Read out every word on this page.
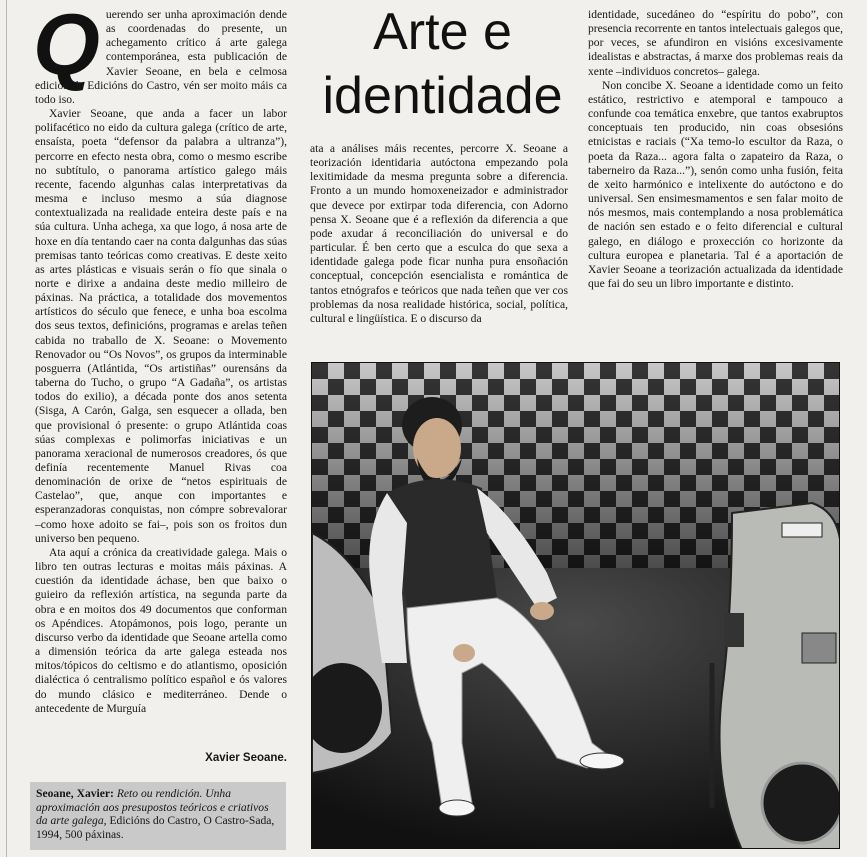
Querendo ser unha aproximación dende as coordenadas do presente, un achegamento crítico á arte galega contemporánea, esta publicación de Xavier Seoane, en bela e celmosa edición de Edicións do Castro, vén ser moito máis ca todo iso.

Xavier Seoane, que anda a facer un labor polifacético no eido da cultura galega (crítico de arte, ensaísta, poeta “defensor da palabra a ultranza”), percorre en efecto nesta obra, como o mesmo escribe no subtítulo, o panorama artístico galego máis recente, facendo algunhas calas interpretativas da mesma e incluso mesmo a súa diagnose contextualizada na realidade enteira deste país e na súa cultura. Unha achega, xa que logo, á nosa arte de hoxe en día tentando caer na conta dalgunhas das súas premisas tanto teóricas como creativas. E deste xeito as artes plásticas e visuais serán o fío que sinala o norte e dirixe a andaina deste medio milleiro de páxinas. Na práctica, a totalidade dos movementos artísticos do século que fenece, e unha boa escolma dos seus textos, definicións, programas e arelas teñen cabida no traballo de X. Seoane: o Movemento Renovador ou “Os Novos”, os grupos da interminable posguerra (Atlántida, “Os artistiñas” ourensáns da taberna do Tucho, o grupo “A Gadaña”, os artistas todos do exilio), a década ponte dos anos setenta (Sisga, A Carón, Galga, sen esquecer a ollada, ben que provisional ó presente: o grupo Atlántida coas súas complexas e polimorfas iniciativas e un panorama xeracional de numerosos creadores, ós que definía recentemente Manuel Rivas coa denominación de orixe de “netos espirituais de Castelao”, que, anque con importantes e esperanzadoras conquistas, non cómpre sobrevalorar –como hoxe adoito se fai–, pois son os froitos dun universo ben pequeno.

Ata aquí a crónica da creatividade galega. Mais o libro ten outras lecturas e moitas máis páxinas. A cuestión da identidade áchase, ben que baixo o guieiro da reflexión artística, na segunda parte da obra e en moitos dos 49 documentos que conforman os Apéndices. Atopámonos, pois logo, perante un discurso verbo da identidade que Seoane artella como a dimensión teórica da arte galega esteada nos mitos/tópicos do celtismo e do atlantismo, oposición dialéctica ó centralismo político español e ós valores do mundo clásico e mediterráneo. Dende o antecedente de Murguía

Arte e
identidade

ata a análises máis recentes, percorre X. Seoane a teorización identidaria autóctona empezando pola lexitimidade da mesma pregunta sobre a diferencia. Fronto a un mundo homoxeneizador e administrador que devece por extirpar toda diferencia, con Adorno pensa X. Seoane que é a reflexión da diferencia a que pode axudar á reconciliación do universal e do particular. É ben certo que a esculca do que sexa a identidade galega pode ficar nunha pura ensoñación conceptual, concepción esencialista e romántica de tantos etnógrafos e teóricos que nada teñen que ver cos problemas da nosa realidade histórica, social, política, cultural e lingüística. E o discurso da

identidade, sucedáneo do “espíritu do pobo”, con presencia recorrente en tantos intelectuais galegos que, por veces, se afundiron en visións excesivamente idealistas e abstractas, á marxe dos problemas reais da xente –individuos concretos– galega.

Non concibe X. Seoane a identidade como un feito estático, restrictivo e atemporal e tampouco a confunde coa temática enxebre, que tantos exabruptos conceptuais ten producido, nin coas obsesións etnicistas e raciais (“Xa temo-lo escultor da Raza, o poeta da Raza... agora falta o zapateiro da Raza, o taberneiro da Raza...”), senón como unha fusión, feita de xeito harmónico e intelixente do autóctono e do universal. Sen ensimesmamentos e sen falar moito de nós mesmos, mais contemplando a nosa problemática de nación sen estado e o feito diferencial e cultural galego, en diálogo e proxección co horizonte da cultura europea e planetaria. Tal é a aportación de Xavier Seoane a teorización actualizada da identidade que fai do seu un libro importante e distinto.

Xavier Seoane.
Seoane, Xavier: Reto ou rendición. Unha aproximación aos presupostos teóricos e criativos da arte galega, Edicións do Castro, O Castro-Sada, 1994, 500 páxinas.
